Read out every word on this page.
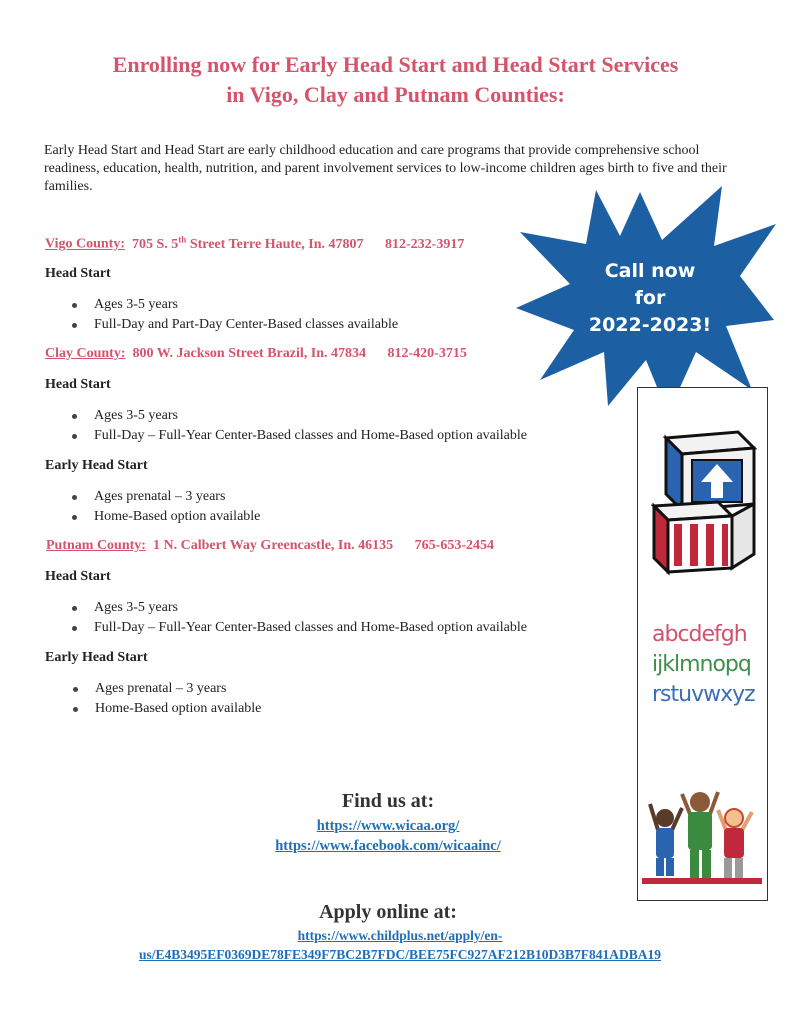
Enrolling now for Early Head Start and Head Start Services
in Vigo, Clay and Putnam Counties:
Early Head Start and Head Start are early childhood education and care programs that provide comprehensive school readiness, education, health, nutrition, and parent involvement services to low-income children ages birth to five and their families.
Vigo County: 705 S. 5th Street Terre Haute, In. 47807 812-232-3917
Head Start
Ages 3-5 years
Full-Day and Part-Day Center-Based classes available
Clay County: 800 W. Jackson Street Brazil, In. 47834 812-420-3715
Head Start
Ages 3-5 years
Full-Day – Full-Year Center-Based classes and Home-Based option available
Early Head Start
Ages prenatal – 3 years
Home-Based option available
Putnam County: 1 N. Calbert Way Greencastle, In. 46135 765-653-2454
Head Start
Ages 3-5 years
Full-Day – Full-Year Center-Based classes and Home-Based option available
Early Head Start
Ages prenatal – 3 years
Home-Based option available
Call now
for
2022-2023!
abcdefgh
ijklmnopq
rstuvwxyz
Find us at:
https://www.wicaa.org/
https://www.facebook.com/wicaainc/
Apply online at:
https://www.childplus.net/apply/en-
us/E4B3495EF0369DE78FE349F7BC2B7FDC/BEE75FC927AF212B10D3B7F841ADBA19
